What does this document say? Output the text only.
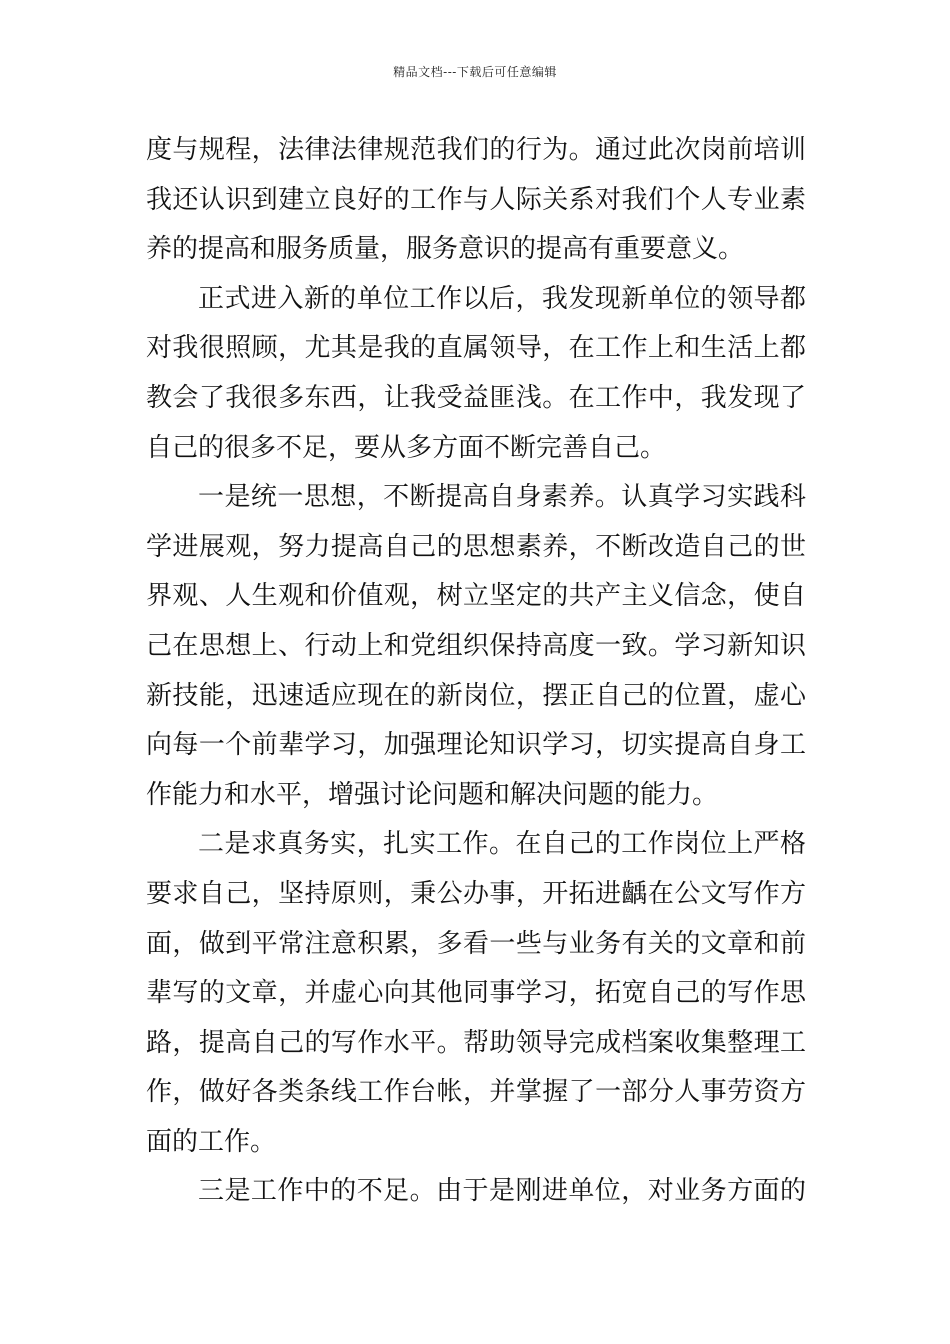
精品文档---下载后可任意编辑
度与规程，法律法律规范我们的行为。通过此次岗前培训
我还认识到建立良好的工作与人际关系对我们个人专业素
养的提高和服务质量，服务意识的提高有重要意义。
正式进入新的单位工作以后，我发现新单位的领导都
对我很照顾，尤其是我的直属领导，在工作上和生活上都
教会了我很多东西，让我受益匪浅。在工作中，我发现了
自己的很多不足，要从多方面不断完善自己。
一是统一思想，不断提高自身素养。认真学习实践科
学进展观，努力提高自己的思想素养，不断改造自己的世
界观、人生观和价值观，树立坚定的共产主义信念，使自
己在思想上、行动上和党组织保持高度一致。学习新知识
新技能，迅速适应现在的新岗位，摆正自己的位置，虚心
向每一个前辈学习，加强理论知识学习，切实提高自身工
作能力和水平，增强讨论问题和解决问题的能力。
二是求真务实，扎实工作。在自己的工作岗位上严格
要求自己，坚持原则，秉公办事，开拓进齲在公文写作方
面，做到平常注意积累，多看一些与业务有关的文章和前
辈写的文章，并虚心向其他同事学习，拓宽自己的写作思
路，提高自己的写作水平。帮助领导完成档案收集整理工
作，做好各类条线工作台帐，并掌握了一部分人事劳资方
面的工作。
三是工作中的不足。由于是刚进单位，对业务方面的
